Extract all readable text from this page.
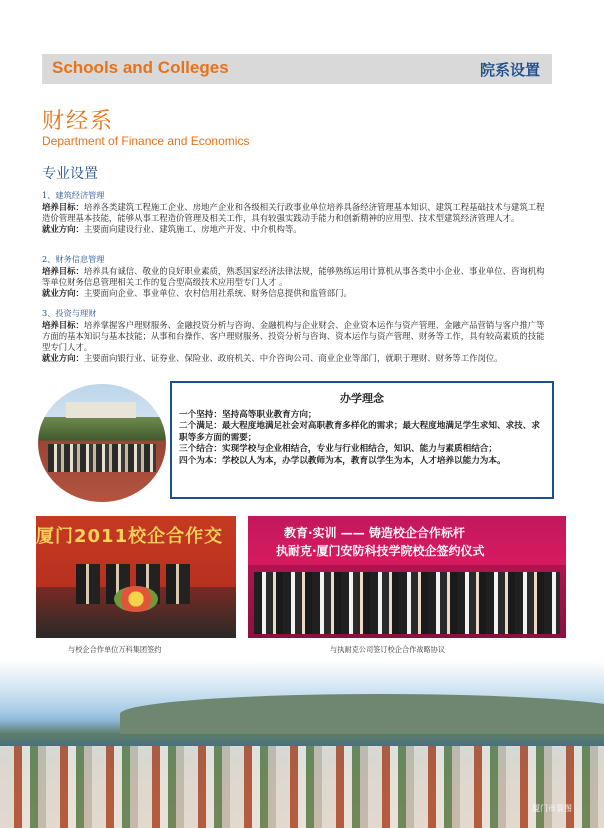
Schools and Colleges	院系设置
财经系
Department of Finance and Economics
专业设置
1、建筑经济管理

培养目标：培养各类建筑工程施工企业、房地产企业和各级相关行政事业单位培养具备经济管理基本知识、建筑工程基础技术与建筑工程造价管理基本技能，能够从事工程造价管理及相关工作，具有较强实践动手能力和创新精神的应用型、技术型建筑经济管理人才。

就业方向：主要面向建设行业、建筑施工、房地产开发、中介机构等。

2、财务信息管理

培养目标：培养具有诚信、敬业的良好职业素质，熟悉国家经济法律法规，能够熟练运用计算机从事各类中小企业、事业单位、咨询机构等单位财务信息管理相关工作的复合型高级技术应用型专门人才 。

就业方向：主要面向企业、事业单位、农村信用社系统、财务信息提供和监管部门。

3、投资与理财

培养目标：培养掌握客户理财服务、金融投资分析与咨询、金融机构与企业财会、企业资本运作与资产管理、金融产品营销与客户推广等方面的基本知识与基本技能；从事和台操作、客户理财服务、投资分析与咨询、资本运作与资产管理、财务等工作，具有较高素质的技能型专门人才。

就业方向：主要面向银行业、证券业、保险业、政府机关、中介咨询公司、商业企业等部门，就职于理财、财务等工作岗位。

办学理念

一个坚持：坚持高等职业教育方向；

二个满足：最大程度地满足社会对高职教育多样化的需求；最大程度地满足学生求知、求技、求职等多方面的需要；

三个结合：实现学校与企业相结合，专业与行业相结合，知识、能力与素质相结合；

四个为本：学校以人为本，办学以教师为本，教育以学生为本，人才培养以能力为本。

厦门2011校企合作交	教育·实训 —— 铸造校企合作标杆
执耐克·厦门安防科技学院校企签约仪式
与校企合作单位万科集团签约	与执耐克公司签订校企合作战略协议
厦门市景图
